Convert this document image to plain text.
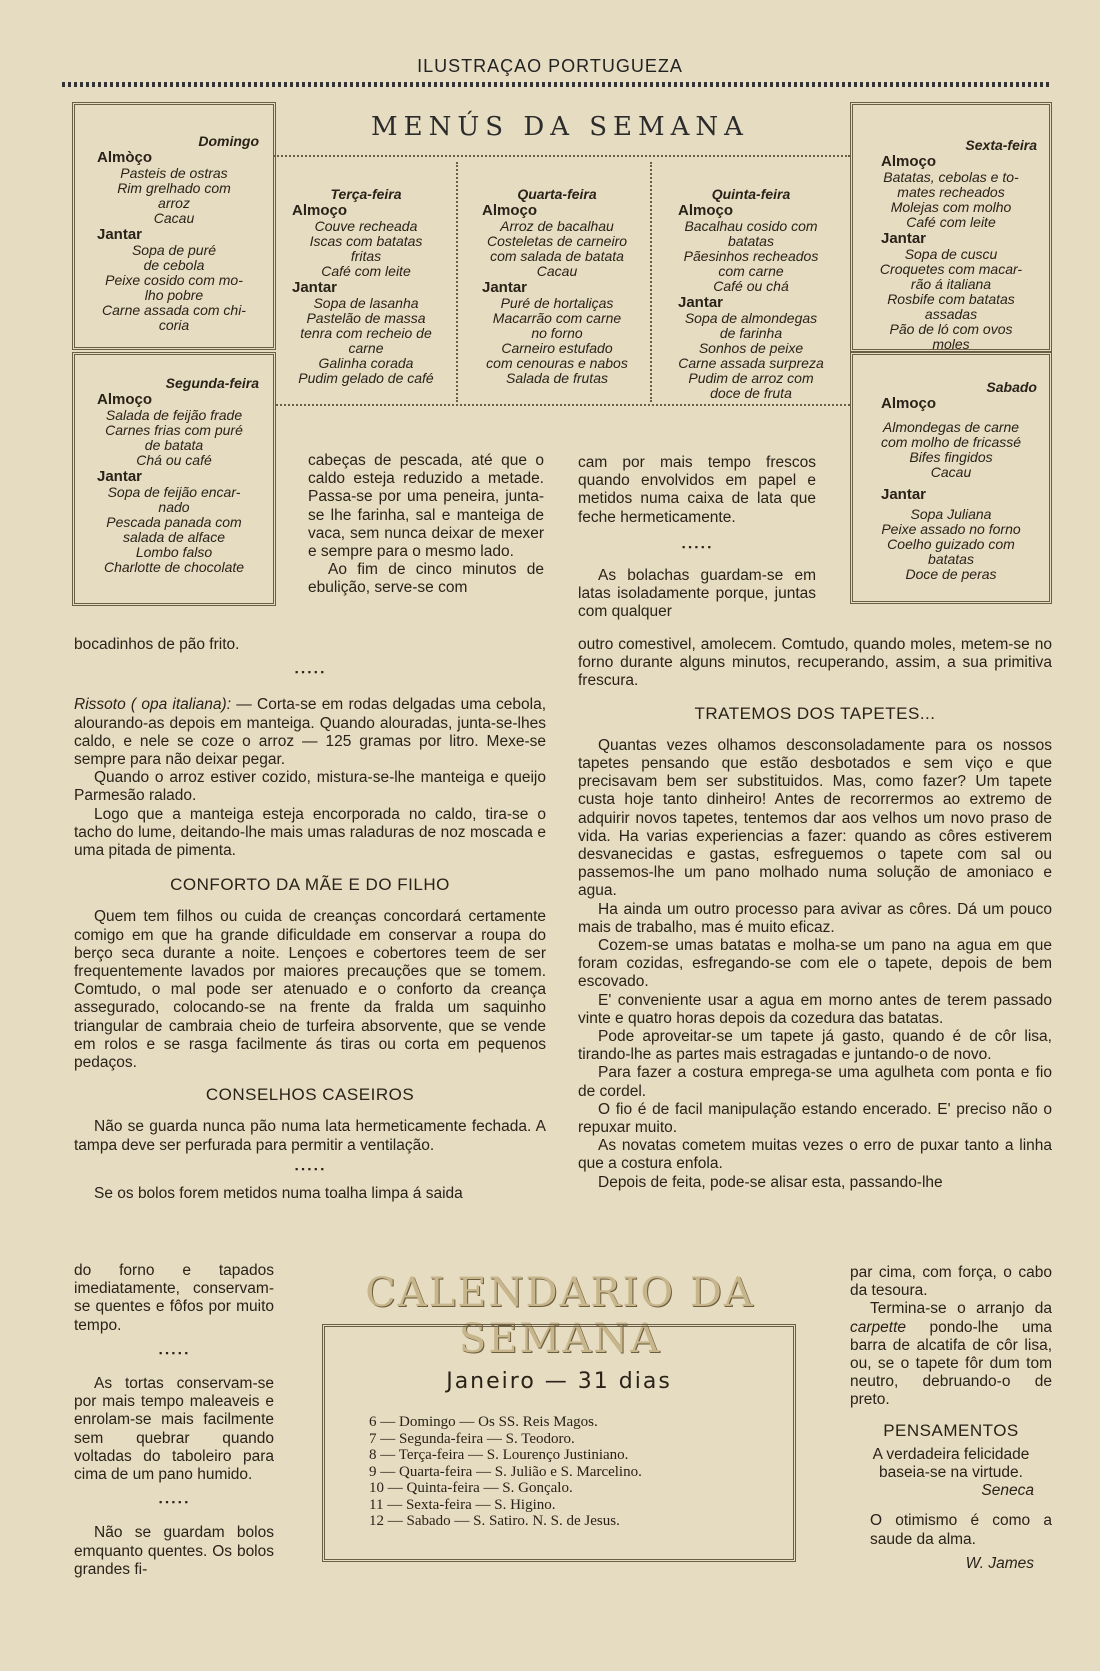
ILUSTRAÇAO PORTUGUEZA
MENÚS DA SEMANA

Domingo

Almòço

Pasteis de ostras
Rim grelhado com
arroz
Cacau

Jantar

Sopa de puré
de cebola
Peixe cosido com mo-
lho pobre
Carne assada com chi-
coria

Segunda-feira

Almoço

Salada de feijão frade
Carnes frias com puré
de batata
Chá ou café

Jantar

Sopa de feijão encar-
nado
Pescada panada com
salada de alface
Lombo falso
Charlotte de chocolate

Terça-feira

Almoço

Couve recheada
Iscas com batatas
fritas
Café com leite

Jantar

Sopa de lasanha
Pastelão de massa
tenra com recheio de
carne
Galinha corada
Pudim gelado de café

Quarta-feira

Almoço

Arroz de bacalhau
Costeletas de carneiro
com salada de batata
Cacau

Jantar

Puré de hortaliças
Macarrão com carne
no forno
Carneiro estufado
com cenouras e nabos
Salada de frutas

Quinta-feira

Almoço

Bacalhau cosido com
batatas
Pãesinhos recheados
com carne
Café ou chá

Jantar

Sopa de almondegas
de farinha
Sonhos de peixe
Carne assada surpreza
Pudim de arroz com
doce de fruta

Sexta-feira

Almoço

Batatas, cebolas e to-
mates recheados
Molejas com molho
Café com leite

Jantar

Sopa de cuscu
Croquetes com macar-
rão á italiana
Rosbife com batatas
assadas
Pão de ló com ovos
moles

Sabado

Almoço

Almondegas de carne
com molho de fricassé
Bifes fingidos
Cacau

Jantar

Sopa Juliana
Peixe assado no forno
Coelho guizado com
batatas
Doce de peras

cabeças de pescada, até que o caldo esteja reduzido a metade. Passa-se por uma peneira, junta-se lhe farinha, sal e manteiga de vaca, sem nunca deixar de mexer e sempre para o mesmo lado.

Ao fim de cinco minutos de ebulição, serve-se com

cam por mais tempo frescos quando envolvidos em papel e metidos numa caixa de lata que feche hermeticamente.

▪▪▪▪▪

As bolachas guardam-se em latas isoladamente porque, juntas com qualquer

bocadinhos de pão frito.

▪▪▪▪▪

Rissoto ( opa italiana): — Corta-se em rodas delgadas uma cebola, alourando-as depois em manteiga. Quando alouradas, junta-se-lhes caldo, e nele se coze o arroz — 125 gramas por litro. Mexe-se sempre para não deixar pegar.

Quando o arroz estiver cozido, mistura-se-lhe manteiga e queijo Parmesão ralado.

Logo que a manteiga esteja encorporada no caldo, tira-se o tacho do lume, deitando-lhe mais umas raladuras de noz moscada e uma pitada de pimenta.

CONFORTO DA MÃE E DO FILHO

Quem tem filhos ou cuida de creanças concordará certamente comigo em que ha grande dificuldade em conservar a roupa do berço seca durante a noite. Lençoes e cobertores teem de ser frequentemente lavados por maiores precauções que se tomem. Comtudo, o mal pode ser atenuado e o conforto da creança assegurado, colocando-se na frente da fralda um saquinho triangular de cambraia cheio de turfeira absorvente, que se vende em rolos e se rasga facilmente ás tiras ou corta em pequenos pedaços.

CONSELHOS CASEIROS

Não se guarda nunca pão numa lata hermeticamente fechada. A tampa deve ser perfurada para permitir a ventilação.

▪▪▪▪▪

Se os bolos forem metidos numa toalha limpa á saida

do forno e tapados imediatamente, conservam-se quentes e fôfos por muito tempo.

▪▪▪▪▪

As tortas conservam-se por mais tempo maleaveis e enrolam-se mais facilmente sem quebrar quando voltadas do taboleiro para cima de um pano humido.

▪▪▪▪▪

Não se guardam bolos emquanto quentes. Os bolos grandes fi-

outro comestivel, amolecem. Comtudo, quando moles, metem-se no forno durante alguns minutos, recuperando, assim, a sua primitiva frescura.

TRATEMOS DOS TAPETES...

Quantas vezes olhamos desconsoladamente para os nossos tapetes pensando que estão desbotados e sem viço e que precisavam bem ser substituidos. Mas, como fazer? Um tapete custa hoje tanto dinheiro! Antes de recorrermos ao extremo de adquirir novos tapetes, tentemos dar aos velhos um novo praso de vida. Ha varias experiencias a fazer: quando as côres estiverem desvanecidas e gastas, esfreguemos o tapete com sal ou passemos-lhe um pano molhado numa solução de amoniaco e agua.

Ha ainda um outro processo para avivar as côres. Dá um pouco mais de trabalho, mas é muito eficaz.

Cozem-se umas batatas e molha-se um pano na agua em que foram cozidas, esfregando-se com ele o tapete, depois de bem escovado.

E' conveniente usar a agua em morno antes de terem passado vinte e quatro horas depois da cozedura das batatas.

Pode aproveitar-se um tapete já gasto, quando é de côr lisa, tirando-lhe as partes mais estragadas e juntando-o de novo.

Para fazer a costura emprega-se uma agulheta com ponta e fio de cordel.

O fio é de facil manipulação estando encerado. E' preciso não o repuxar muito.

As novatas cometem muitas vezes o erro de puxar tanto a linha que a costura enfola.

Depois de feita, pode-se alisar esta, passando-lhe

par cima, com força, o cabo da tesoura.

Termina-se o arranjo da carpette pondo-lhe uma barra de alcatifa de côr lisa, ou, se o tapete fôr dum tom neutro, debruando-o de preto.

PENSAMENTOS

A verdadeira felicidade baseia-se na virtude.

Seneca

O otimismo é como a saude da alma.

W. James

CALENDARIO DA SEMANA
Janeiro — 31 dias
6 — Domingo — Os SS. Reis Magos.
7 — Segunda-feira — S. Teodoro.
8 — Terça-feira — S. Lourenço Justiniano.
9 — Quarta-feira — S. Julião e S. Marcelino.
10 — Quinta-feira — S. Gonçalo.
11 — Sexta-feira — S. Higino.
12 — Sabado — S. Satiro. N. S. de Jesus.
